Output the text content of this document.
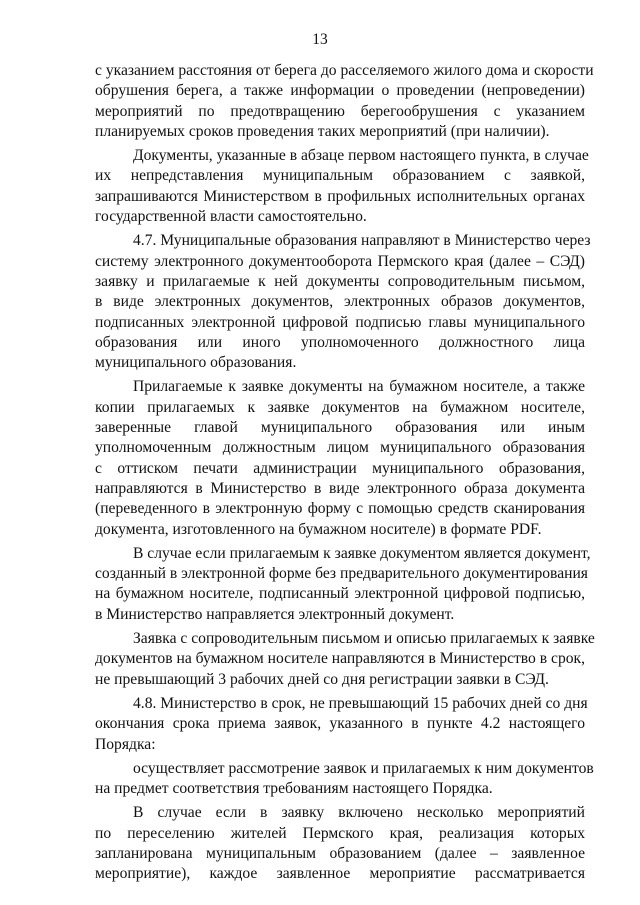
13
с указанием расстояния от берега до расселяемого жилого дома и скорости
обрушения берега, а также информации о проведении (непроведении)
мероприятий по предотвращению берегообрушения с указанием
планируемых сроков проведения таких мероприятий (при наличии).
Документы, указанные в абзаце первом настоящего пункта, в случае
их непредставления муниципальным образованием с заявкой,
запрашиваются Министерством в профильных исполнительных органах
государственной власти самостоятельно.
4.7. Муниципальные образования направляют в Министерство через
систему электронного документооборота Пермского края (далее – СЭД)
заявку и прилагаемые к ней документы сопроводительным письмом,
в виде электронных документов, электронных образов документов,
подписанных электронной цифровой подписью главы муниципального
образования или иного уполномоченного должностного лица
муниципального образования.
Прилагаемые к заявке документы на бумажном носителе, а также
копии прилагаемых к заявке документов на бумажном носителе,
заверенные главой муниципального образования или иным
уполномоченным должностным лицом муниципального образования
с оттиском печати администрации муниципального образования,
направляются в Министерство в виде электронного образа документа
(переведенного в электронную форму с помощью средств сканирования
документа, изготовленного на бумажном носителе) в формате PDF.
В случае если прилагаемым к заявке документом является документ,
созданный в электронной форме без предварительного документирования
на бумажном носителе, подписанный электронной цифровой подписью,
в Министерство направляется электронный документ.
Заявка с сопроводительным письмом и описью прилагаемых к заявке
документов на бумажном носителе направляются в Министерство в срок,
не превышающий 3 рабочих дней со дня регистрации заявки в СЭД.
4.8. Министерство в срок, не превышающий 15 рабочих дней со дня
окончания срока приема заявок, указанного в пункте 4.2 настоящего
Порядка:
осуществляет рассмотрение заявок и прилагаемых к ним документов
на предмет соответствия требованиям настоящего Порядка.
В случае если в заявку включено несколько мероприятий
по переселению жителей Пермского края, реализация которых
запланирована муниципальным образованием (далее – заявленное
мероприятие), каждое заявленное мероприятие рассматривается
